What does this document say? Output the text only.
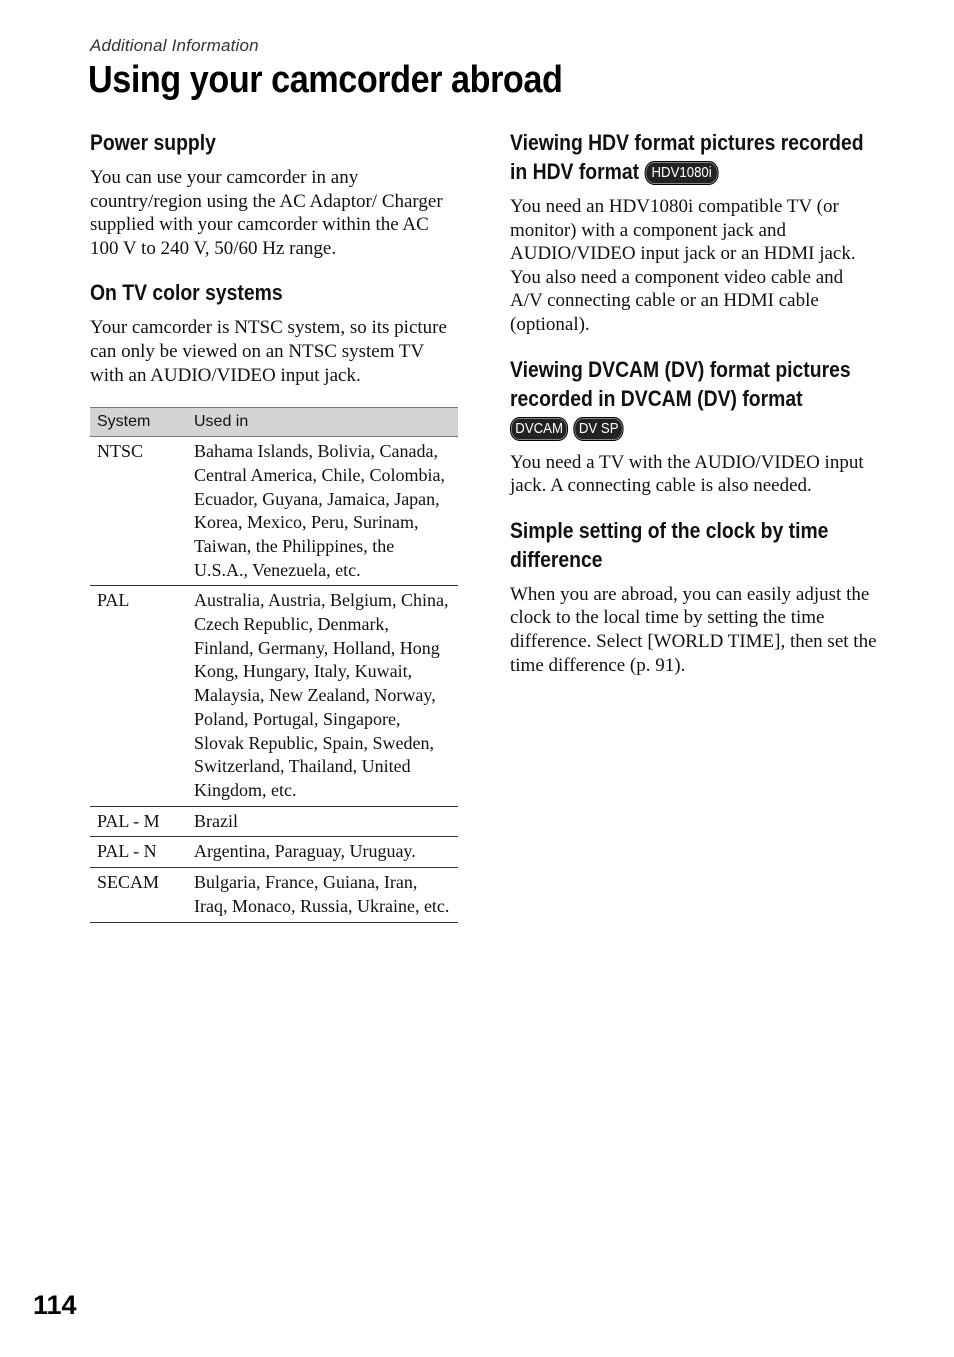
Additional Information
Using your camcorder abroad
Power supply

You can use your camcorder in any country/region using the AC Adaptor/ Charger supplied with your camcorder within the AC 100 V to 240 V, 50/60 Hz range.

On TV color systems

Your camcorder is NTSC system, so its picture can only be viewed on an NTSC system TV with an AUDIO/VIDEO input jack.

System	Used in
NTSC	Bahama Islands, Bolivia, Canada, Central America, Chile, Colombia, Ecuador, Guyana, Jamaica, Japan, Korea, Mexico, Peru, Surinam, Taiwan, the Philippines, the U.S.A., Venezuela, etc.
PAL	Australia, Austria, Belgium, China, Czech Republic, Denmark, Finland, Germany, Holland, Hong Kong, Hungary, Italy, Kuwait, Malaysia, New Zealand, Norway, Poland, Portugal, Singapore, Slovak Republic, Spain, Sweden, Switzerland, Thailand, United Kingdom, etc.
PAL - M	Brazil
PAL - N	Argentina, Paraguay, Uruguay.
SECAM	Bulgaria, France, Guiana, Iran, Iraq, Monaco, Russia, Ukraine, etc.
Viewing HDV format pictures recorded
in HDV format HDV1080i

You need an HDV1080i compatible TV (or monitor) with a component jack and AUDIO/VIDEO input jack or an HDMI jack. You also need a component video cable and A/V connecting cable or an HDMI cable (optional).

Viewing DVCAM (DV) format pictures
recorded in DVCAM (DV) format
DVCAM DV SP

You need a TV with the AUDIO/VIDEO input jack. A connecting cable is also needed.

Simple setting of the clock by time
difference

When you are abroad, you can easily adjust the clock to the local time by setting the time difference. Select [WORLD TIME], then set the time difference (p. 91).

114
